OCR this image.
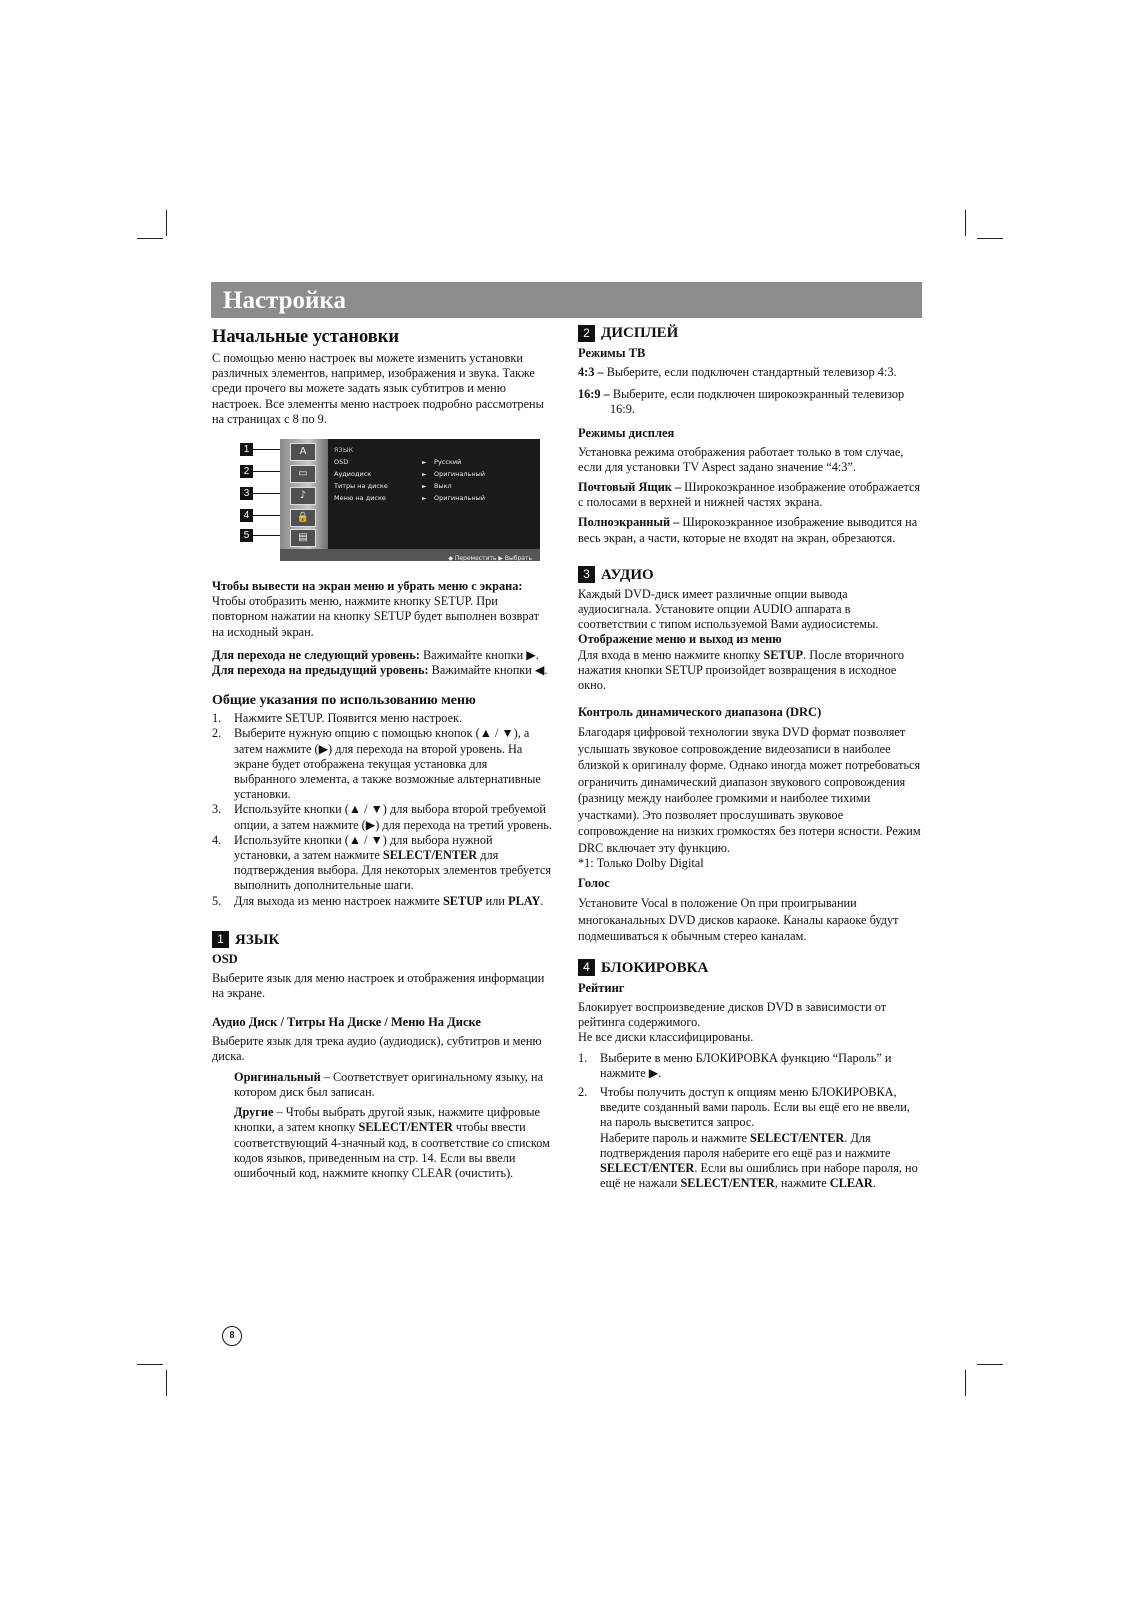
Настройка
Начальные установки

С помощью меню настроек вы можете изменить установки различных элементов, например, изображения и звука. Также среди прочего вы можете задать язык субтитров и меню настроек. Все элементы меню настроек подробно рассмотрены на страницах с 8 по 9.

1
2
3
4
5
A
▭
♪
🔒
▤
ЯЗЫК
OSD	► Русский
Аудиодиск	► Оригинальный
Титры на диске	► Выкл
Меню на диске	► Оригинальный
◆ Переместить ▶ Выбрать

Чтобы вывести на экран меню и убрать меню с экрана:
Чтобы отобразить меню, нажмите кнопку SETUP. При повторном нажатии на кнопку SETUP будет выполнен возврат на исходный экран.

Для перехода не следующий уровень: Важимайте кнопки ▶.

Для перехода на предыдущий уровень: Важимайте кнопки ◀.

Общие указания по использованию меню
1.	Нажмите SETUP. Появится меню настроек.
2.	Выберите нужную опцию с помощью кнопок (▲ / ▼), а затем нажмите (▶) для перехода на второй уровень. На экране будет отображена текущая установка для выбранного элемента, а также возможные альтернативные установки.
3.	Используйте кнопки (▲ / ▼) для выбора второй требуемой опции, а затем нажмите (▶) для перехода на третий уровень.
4.	Используйте кнопки (▲ / ▼) для выбора нужной установки, а затем нажмите SELECT/ENTER для подтверждения выбора. Для некоторых элементов требуется выполнить дополнительные шаги.
5.	Для выхода из меню настроек нажмите SETUP или PLAY.
1 ЯЗЫК
OSD

Выберите язык для меню настроек и отображения информации на экране.

Аудио Диск / Титры На Диске / Меню На Диске

Выберите язык для трека аудио (аудиодиск), субтитров и меню диска.

Оригинальный – Соответствует оригинальному языку, на котором диск был записан.

Другие – Чтобы выбрать другой язык, нажмите цифровые кнопки, а затем кнопку SELECT/ENTER чтобы ввести соответствующий 4-значный код, в соответствие со списком кодов языков, приведенным на стр. 14. Если вы ввели ошибочный код, нажмите кнопку CLEAR (очистить).

2 ДИСПЛЕЙ
Режимы ТВ

4:3 – Выберите, если подключен стандартный телевизор 4:3.

16:9 – Выберите, если подключен широкоэкранный телевизор 16:9.

Режимы дисплея

Установка режима отображения работает только в том случае, если для установки TV Aspect задано значение “4:3”.

Почтовый Ящик – Широкоэкранное изображение отображается с полосами в верхней и нижней частях экрана.

Полноэкранный – Широкоэкранное изображение выводится на весь экран, а части, которые не входят на экран, обрезаются.

3 АУДИО

Каждый DVD-диск имеет различные опции вывода аудиосигнала. Установите опции AUDIO аппарата в соответствии с типом используемой Вами аудиосистемы.

Отображение меню и выход из меню

Для входа в меню нажмите кнопку SETUP. После вторичного нажатия кнопки SETUP произойдет возвращения в исходное окно.

Контроль динамического диапазона (DRC)

Благодаря цифровой технологии звука DVD формат позволяет услышать звуковое сопровождение видеозаписи в наиболее близкой к оригиналу форме. Однако иногда может потребоваться ограничить динамический диапазон звукового сопровождения (разницу между наиболее громкими и наиболее тихими участками). Это позволяет прослушивать звуковое сопровождение на низких громкостях без потери ясности. Режим DRC включает эту функцию.

*1: Только Dolby Digital

Голос

Установите Vocal в положение On при проигрывании многоканальных DVD дисков караоке. Каналы караоке будут подмешиваться к обычным стерео каналам.

4 БЛОКИРОВКА
Рейтинг

Блокирует воспроизведение дисков DVD в зависимости от рейтинга содержимого.

Не все диски классифицированы.

1.	Выберите в меню БЛОКИРОВКА функцию “Пароль” и нажмите ▶.
2.	Чтобы получить доступ к опциям меню БЛОКИРОВКА, введите созданный вами пароль. Если вы ещё его не ввели, на пароль высветится запрос.
Наберите пароль и нажмите SELECT/ENTER. Для подтверждения пароля наберите его ещё раз и нажмите SELECT/ENTER. Если вы ошиблись при наборе пароля, но ещё не нажали SELECT/ENTER, нажмите CLEAR.
8
